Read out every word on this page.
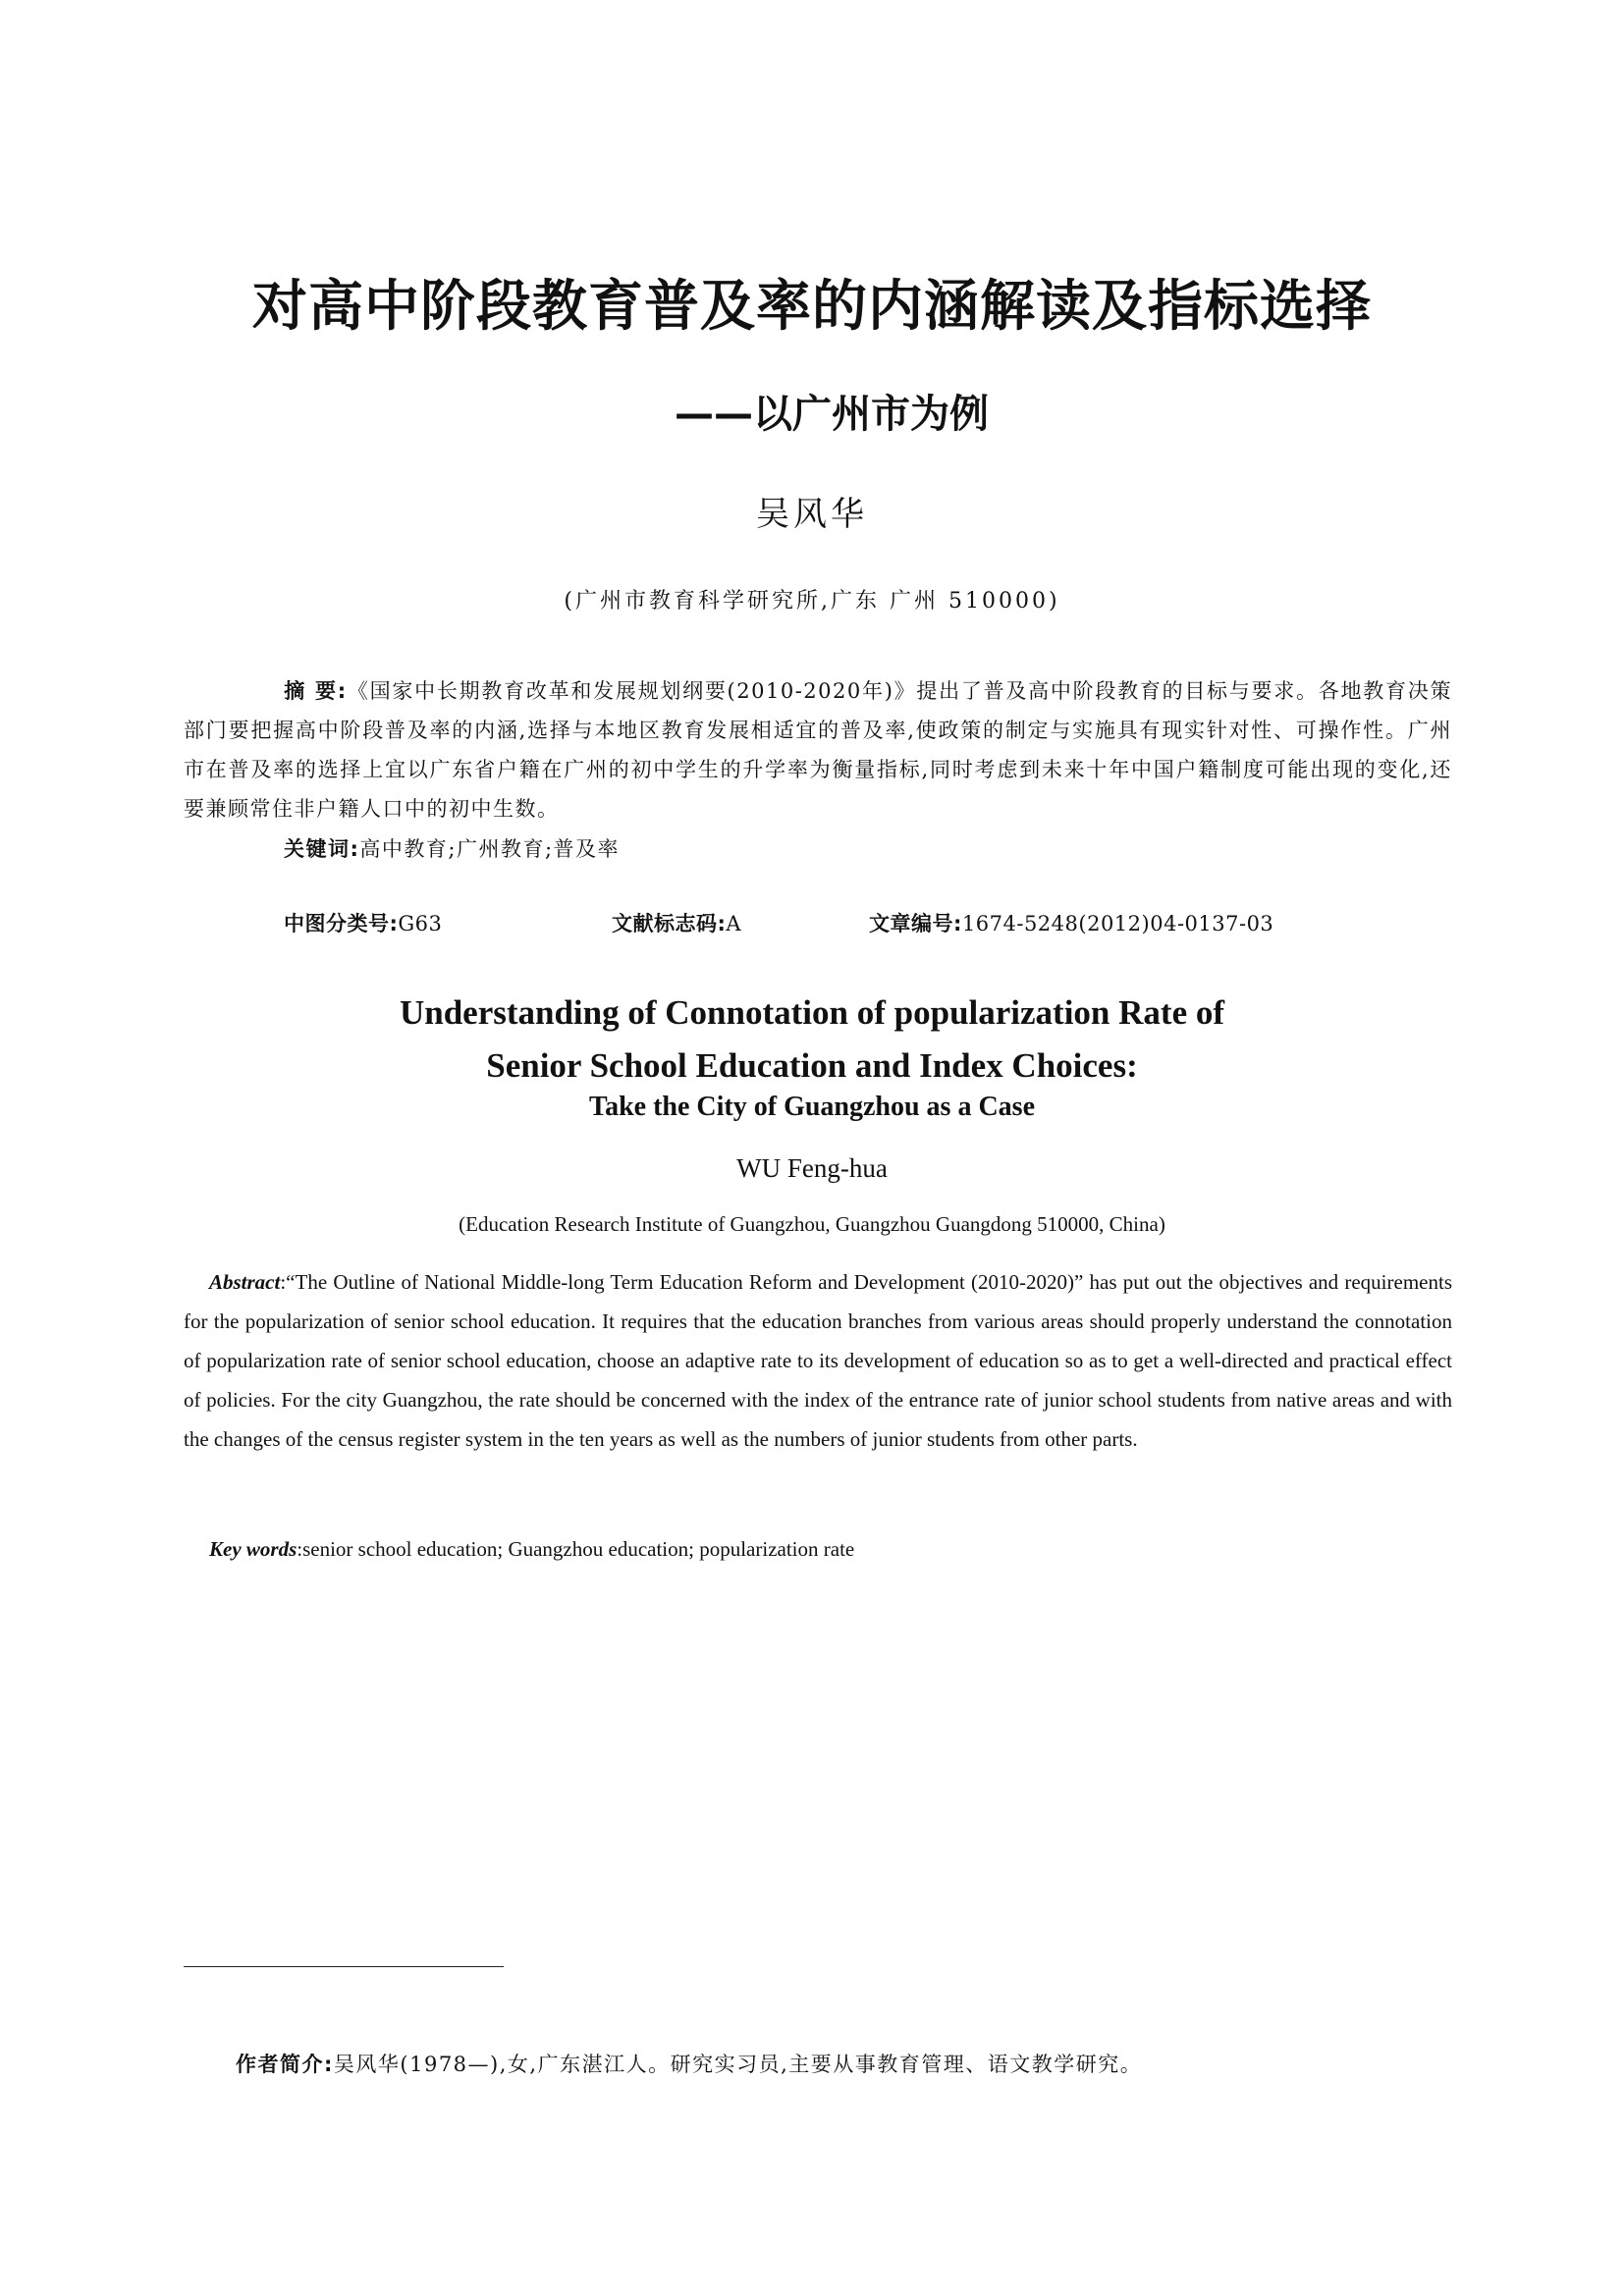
对高中阶段教育普及率的内涵解读及指标选择
——以广州市为例
吴风华
(广州市教育科学研究所,广东 广州 510000)
摘 要:《国家中长期教育改革和发展规划纲要(2010-2020年)》提出了普及高中阶段教育的目标与要求。各地教育决策部门要把握高中阶段普及率的内涵,选择与本地区教育发展相适宜的普及率,使政策的制定与实施具有现实针对性、可操作性。广州市在普及率的选择上宜以广东省户籍在广州的初中学生的升学率为衡量指标,同时考虑到未来十年中国户籍制度可能出现的变化,还要兼顾常住非户籍人口中的初中生数。
关键词:高中教育;广州教育;普及率
中图分类号:G63	文献标志码:A	文章编号:1674-5248(2012)04-0137-03
Understanding of Connotation of popularization Rate of
Senior School Education and Index Choices:
Take the City of Guangzhou as a Case
WU Feng-hua
(Education Research Institute of Guangzhou, Guangzhou Guangdong 510000, China)
Abstract:“The Outline of National Middle-long Term Education Reform and Development (2010-2020)” has put out the objectives and requirements for the popularization of senior school education. It requires that the education branches from various areas should properly understand the connotation of popularization rate of senior school education, choose an adaptive rate to its development of education so as to get a well-directed and practical effect of policies. For the city Guangzhou, the rate should be concerned with the index of the entrance rate of junior school students from native areas and with the changes of the census register system in the ten years as well as the numbers of junior students from other parts.
Key words:senior school education; Guangzhou education; popularization rate
作者简介:吴风华(1978—),女,广东湛江人。研究实习员,主要从事教育管理、语文教学研究。
